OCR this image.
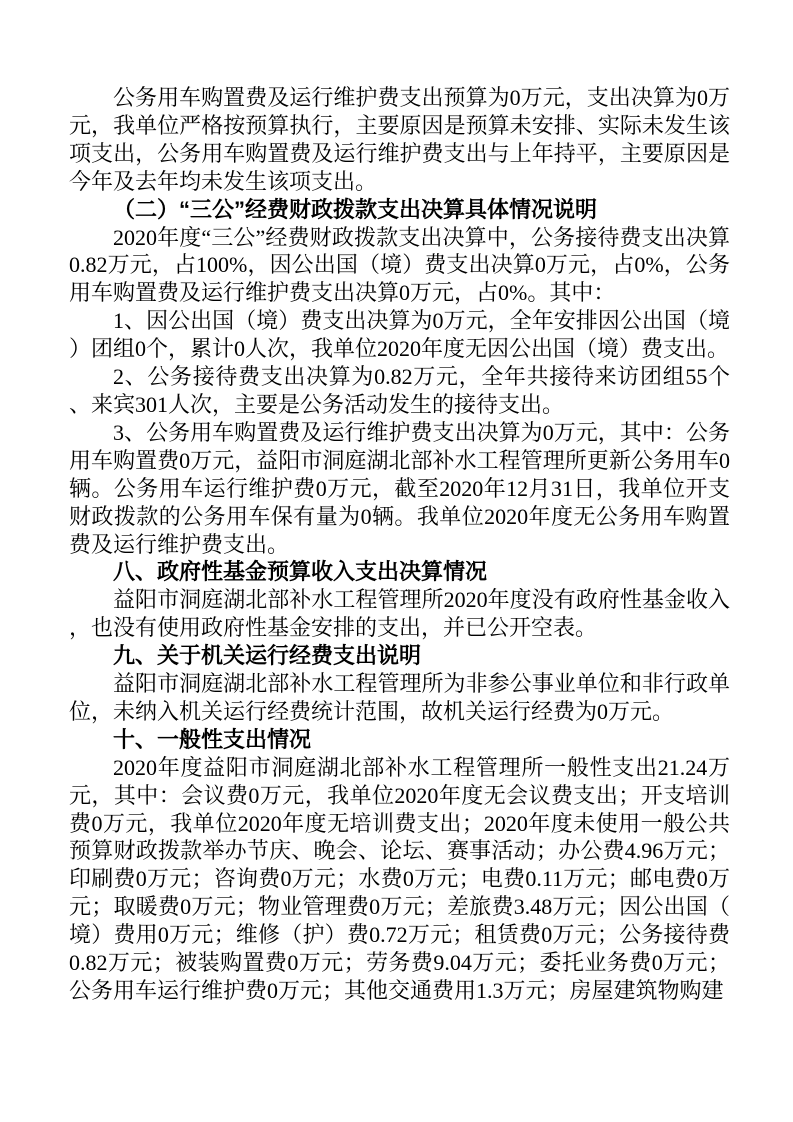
公务用车购置费及运行维护费支出预算为0万元，支出决算为0万元，我单位严格按预算执行，主要原因是预算未安排、实际未发生该项支出，公务用车购置费及运行维护费支出与上年持平，主要原因是今年及去年均未发生该项支出。

（二）“三公”经费财政拨款支出决算具体情况说明

2020年度“三公”经费财政拨款支出决算中，公务接待费支出决算0.82万元，占100%，因公出国（境）费支出决算0万元，占0%，公务用车购置费及运行维护费支出决算0万元，占0%。其中：

1、因公出国（境）费支出决算为0万元，全年安排因公出国（境）团组0个，累计0人次，我单位2020年度无因公出国（境）费支出。

2、公务接待费支出决算为0.82万元，全年共接待来访团组55个、来宾301人次，主要是公务活动发生的接待支出。

3、公务用车购置费及运行维护费支出决算为0万元，其中：公务用车购置费0万元，益阳市洞庭湖北部补水工程管理所更新公务用车0辆。公务用车运行维护费0万元，截至2020年12月31日，我单位开支财政拨款的公务用车保有量为0辆。我单位2020年度无公务用车购置费及运行维护费支出。

八、政府性基金预算收入支出决算情况

益阳市洞庭湖北部补水工程管理所2020年度没有政府性基金收入，也没有使用政府性基金安排的支出，并已公开空表。

九、关于机关运行经费支出说明

益阳市洞庭湖北部补水工程管理所为非参公事业单位和非行政单位，未纳入机关运行经费统计范围，故机关运行经费为0万元。

十、一般性支出情况

2020年度益阳市洞庭湖北部补水工程管理所一般性支出21.24万元，其中：会议费0万元，我单位2020年度无会议费支出；开支培训费0万元，我单位2020年度无培训费支出；2020年度未使用一般公共预算财政拨款举办节庆、晚会、论坛、赛事活动；办公费4.96万元；印刷费0万元；咨询费0万元；水费0万元；电费0.11万元；邮电费0万元；取暖费0万元；物业管理费0万元；差旅费3.48万元；因公出国（境）费用0万元；维修（护）费0.72万元；租赁费0万元；公务接待费0.82万元；被装购置费0万元；劳务费9.04万元；委托业务费0万元；公务用车运行维护费0万元；其他交通费用1.3万元；房屋建筑物购建
